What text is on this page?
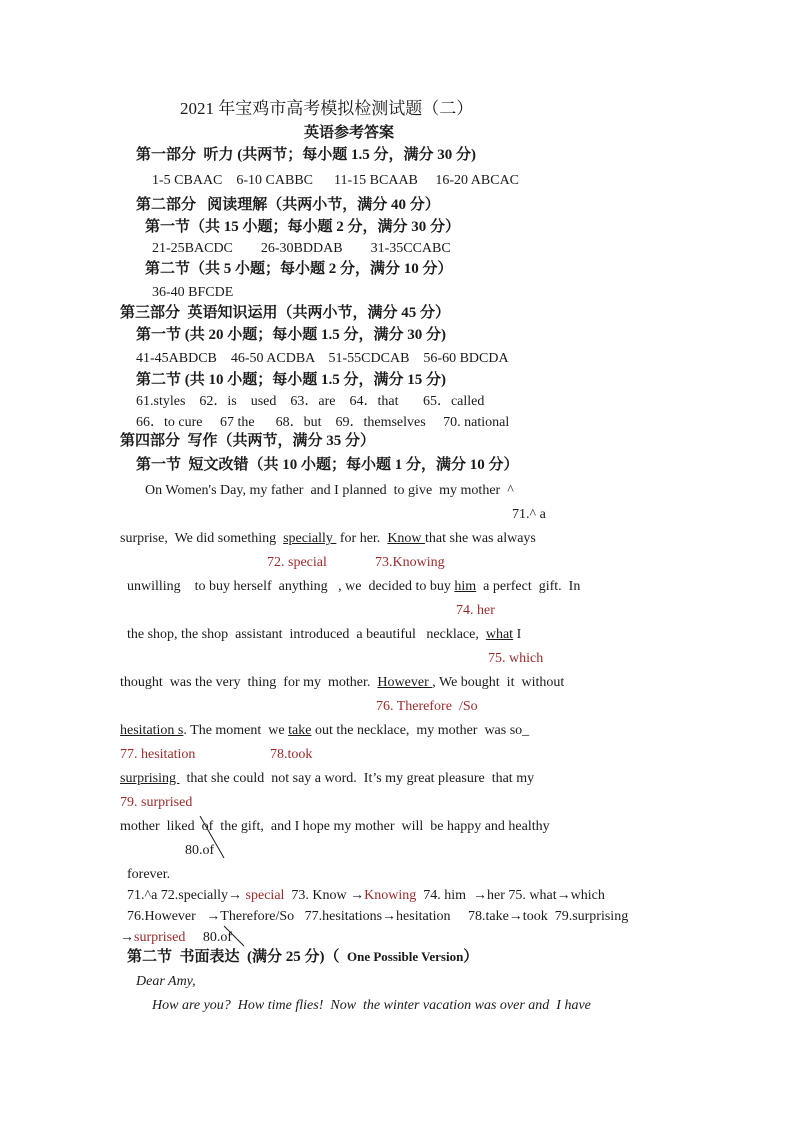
2021 年宝鸡市高考模拟检测试题（二）
英语参考答案
第一部分  听力 (共两节；每小题 1.5 分，满分 30 分)
1-5 CBAAC    6-10 CABBC      11-15 BCAAB     16-20 ABCAC
第二部分   阅读理解（共两小节，满分 40 分）
第一节（共 15 小题；每小题 2 分，满分 30 分）
21-25BACDC        26-30BDDAB        31-35CCABC
第二节（共 5 小题；每小题 2 分，满分 10 分）
36-40 BFCDE
第三部分  英语知识运用（共两小节，满分 45 分）
第一节 (共 20 小题；每小题 1.5 分，满分 30 分)
41-45ABDCB    46-50 ACDBA    51-55CDCAB    56-60 BDCDA
第二节 (共 10 小题；每小题 1.5 分，满分 15 分)
61.styles    62．is    used    63．are    64．that       65．called
66．to cure     67 the      68．but    69．themselves     70. national
第四部分  写作（共两节，满分 35 分）
第一节  短文改错（共 10 小题；每小题 1 分，满分 10 分）
On Women's Day, my father  and I planned  to give  my mother  ^
71.^ a
surprise,  We did something  specially  for her.  Know that she was always
72. special	73.Knowing
unwilling    to buy herself  anything   , we  decided to buy him  a perfect  gift.  In
74. her
the shop, the shop  assistant  introduced  a beautiful   necklace,  what I
75. which
thought  was the very  thing  for my  mother.  However , We bought  it  without
76. Therefore  /So
hesitation s. The moment  we take out the necklace,  my mother  was so_
77. hesitation	78.took
surprising   that she could  not say a word.  It’s my great pleasure  that my
79. surprised
mother  liked  of  the gift,  and I hope my mother  will  be happy and healthy
80.of
forever.
71.^a 72.specially→ special  73. Know →Knowing  74. him  →her 75. what→which
76.However   →Therefore/So   77.hesitations→hesitation     78.take→took  79.surprising
→surprised     80.of
第二节  书面表达  (满分 25 分)（  One Possible Version）
Dear Amy,
How are you?  How time flies!  Now  the winter vacation was over and  I have
